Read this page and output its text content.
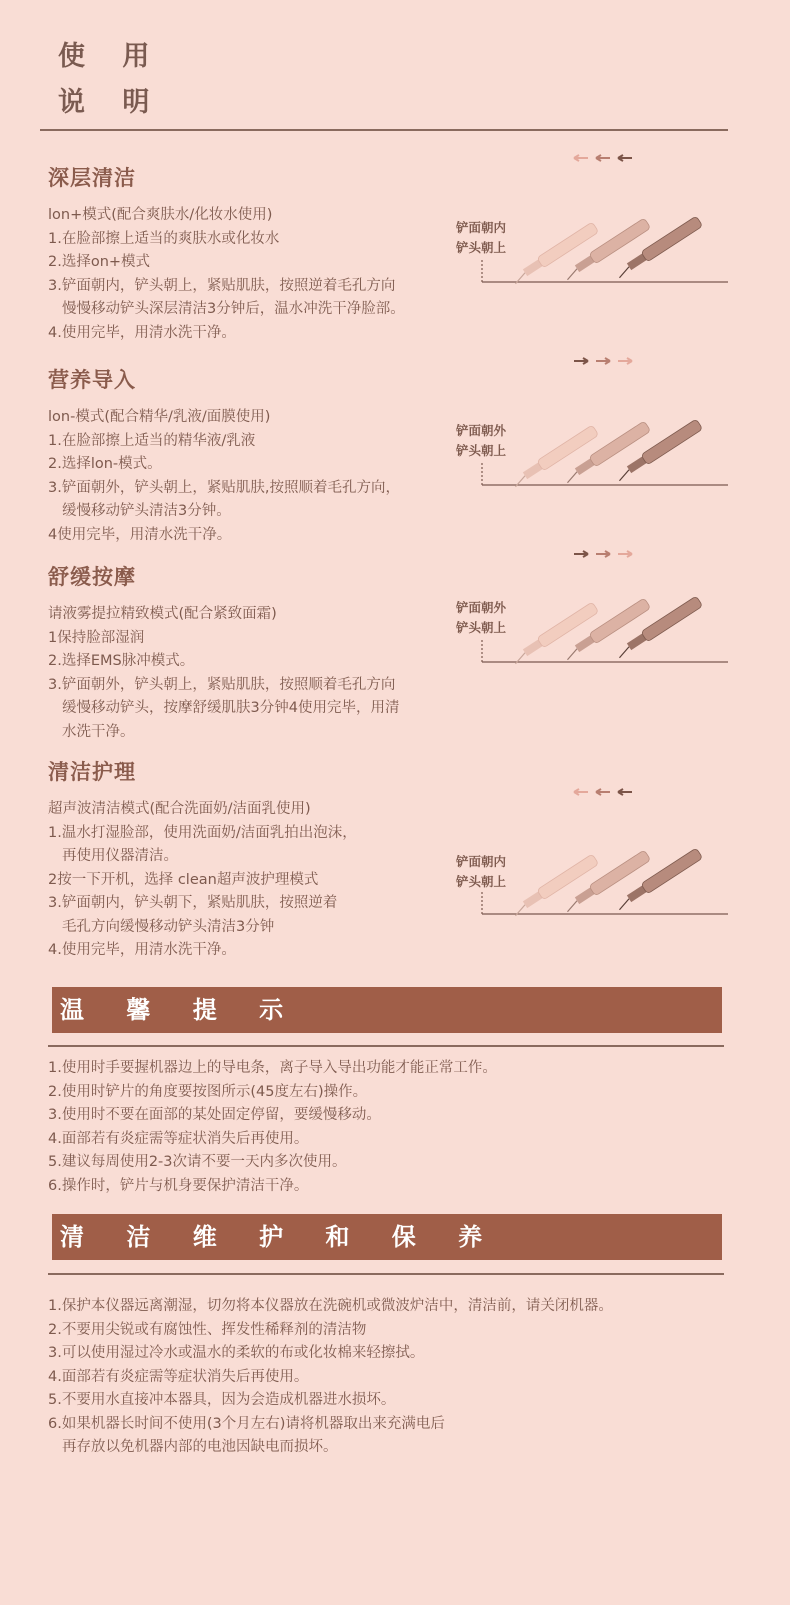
使 用
说 明
深层清洁
lon+模式(配合爽肤水/化妆水使用)
1.在脸部擦上适当的爽肤水或化妆水
2.选择on+模式
3.铲面朝内，铲头朝上，紧贴肌肤，按照逆着毛孔方向
慢慢移动铲头深层清洁3分钟后，温水冲洗干净脸部。
4.使用完毕，用清水洗干净。
铲面朝内
铲头朝上
营养导入
lon-模式(配合精华/乳液/面膜使用)
1.在脸部擦上适当的精华液/乳液
2.选择lon-模式。
3.铲面朝外，铲头朝上，紧贴肌肤,按照顺着毛孔方向，
缓慢移动铲头清洁3分钟。
4使用完毕，用清水洗干净。
铲面朝外
铲头朝上
舒缓按摩
请液雾提拉精致模式(配合紧致面霜)
1保持脸部湿润
2.选择EMS脉冲模式。
3.铲面朝外，铲头朝上，紧贴肌肤，按照顺着毛孔方向
缓慢移动铲头，按摩舒缓肌肤3分钟4使用完毕，用清
水洗干净。
铲面朝外
铲头朝上
清洁护理
超声波清洁模式(配合洗面奶/洁面乳使用)
1.温水打湿脸部，使用洗面奶/洁面乳拍出泡沫，
再使用仪器清洁。
2按一下开机，选择 clean超声波护理模式
3.铲面朝内，铲头朝下，紧贴肌肤，按照逆着
毛孔方向缓慢移动铲头清洁3分钟
4.使用完毕，用清水洗干净。
铲面朝内
铲头朝上
温 馨 提 示
1.使用时手要握机器边上的导电条，离子导入导出功能才能正常工作。
2.使用时铲片的角度要按图所示(45度左右)操作。
3.使用时不要在面部的某处固定停留，要缓慢移动。
4.面部若有炎症需等症状消失后再使用。
5.建议每周使用2-3次请不要一天内多次使用。
6.操作时，铲片与机身要保护清洁干净。
清 洁 维 护 和 保 养
1.保护本仪器远离潮湿，切勿将本仪器放在洗碗机或微波炉洁中，清洁前，请关闭机器。
2.不要用尖锐或有腐蚀性、挥发性稀释剂的清洁物
3.可以使用湿过冷水或温水的柔软的布或化妆棉来轻擦拭。
4.面部若有炎症需等症状消失后再使用。
5.不要用水直接冲本器具，因为会造成机器进水损坏。
6.如果机器长时间不使用(3个月左右)请将机器取出来充满电后
再存放以免机器内部的电池因缺电而损坏。
